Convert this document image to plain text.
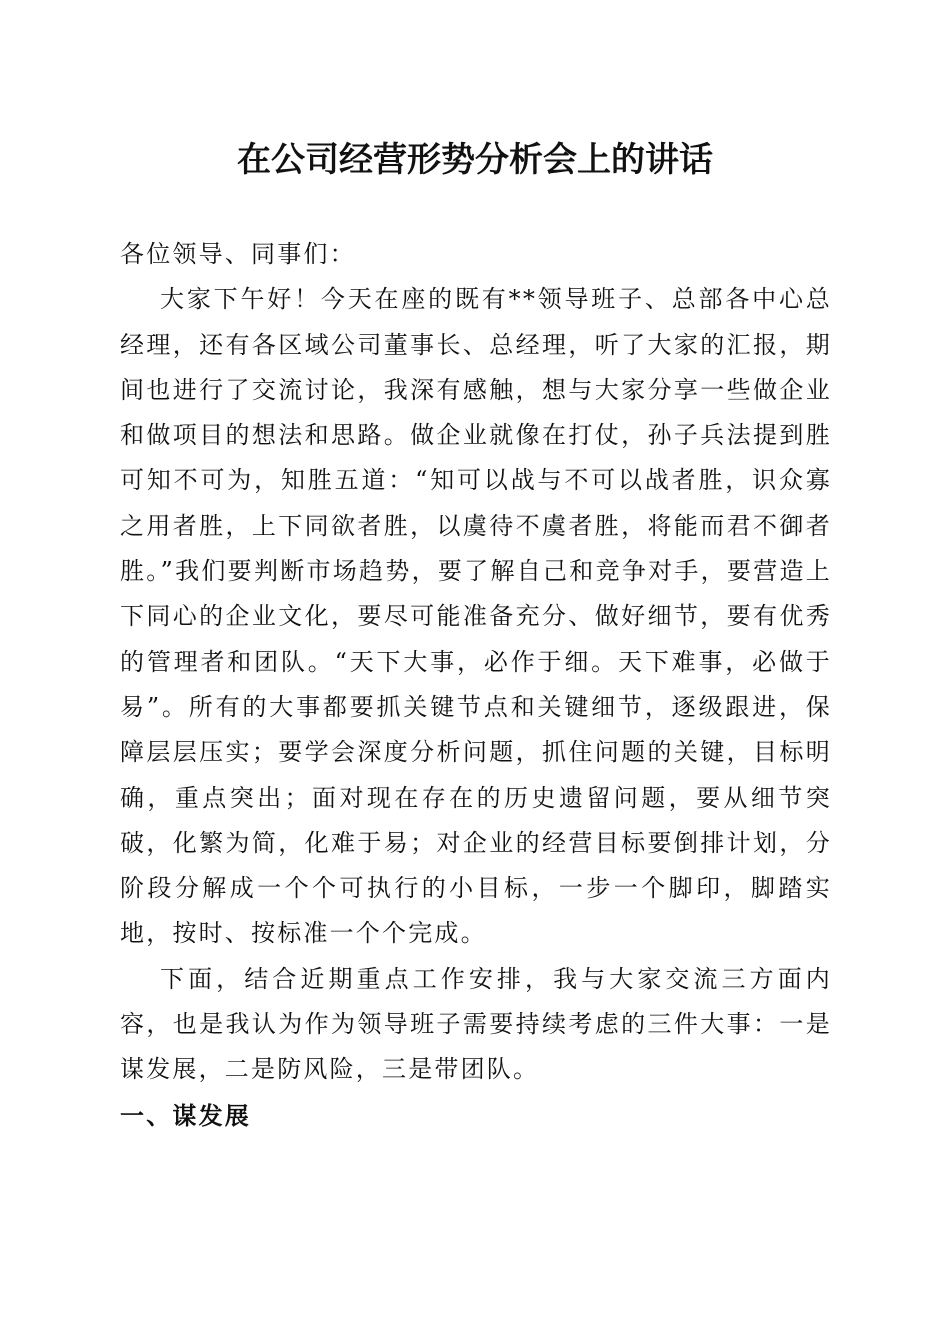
在公司经营形势分析会上的讲话

各位领导、同事们：

大家下午好！今天在座的既有**领导班子、总部各中心总经理，还有各区域公司董事长、总经理，听了大家的汇报，期间也进行了交流讨论，我深有感触，想与大家分享一些做企业和做项目的想法和思路。做企业就像在打仗，孙子兵法提到胜可知不可为，知胜五道：“知可以战与不可以战者胜，识众寡之用者胜，上下同欲者胜，以虞待不虞者胜，将能而君不御者胜。”我们要判断市场趋势，要了解自己和竞争对手，要营造上下同心的企业文化，要尽可能准备充分、做好细节，要有优秀的管理者和团队。“天下大事，必作于细。天下难事，必做于易”。所有的大事都要抓关键节点和关键细节，逐级跟进，保障层层压实；要学会深度分析问题，抓住问题的关键，目标明确，重点突出；面对现在存在的历史遗留问题，要从细节突破，化繁为简，化难于易；对企业的经营目标要倒排计划，分阶段分解成一个个可执行的小目标，一步一个脚印，脚踏实地，按时、按标准一个个完成。

下面，结合近期重点工作安排，我与大家交流三方面内容，也是我认为作为领导班子需要持续考虑的三件大事：一是谋发展，二是防风险，三是带团队。

一、谋发展
